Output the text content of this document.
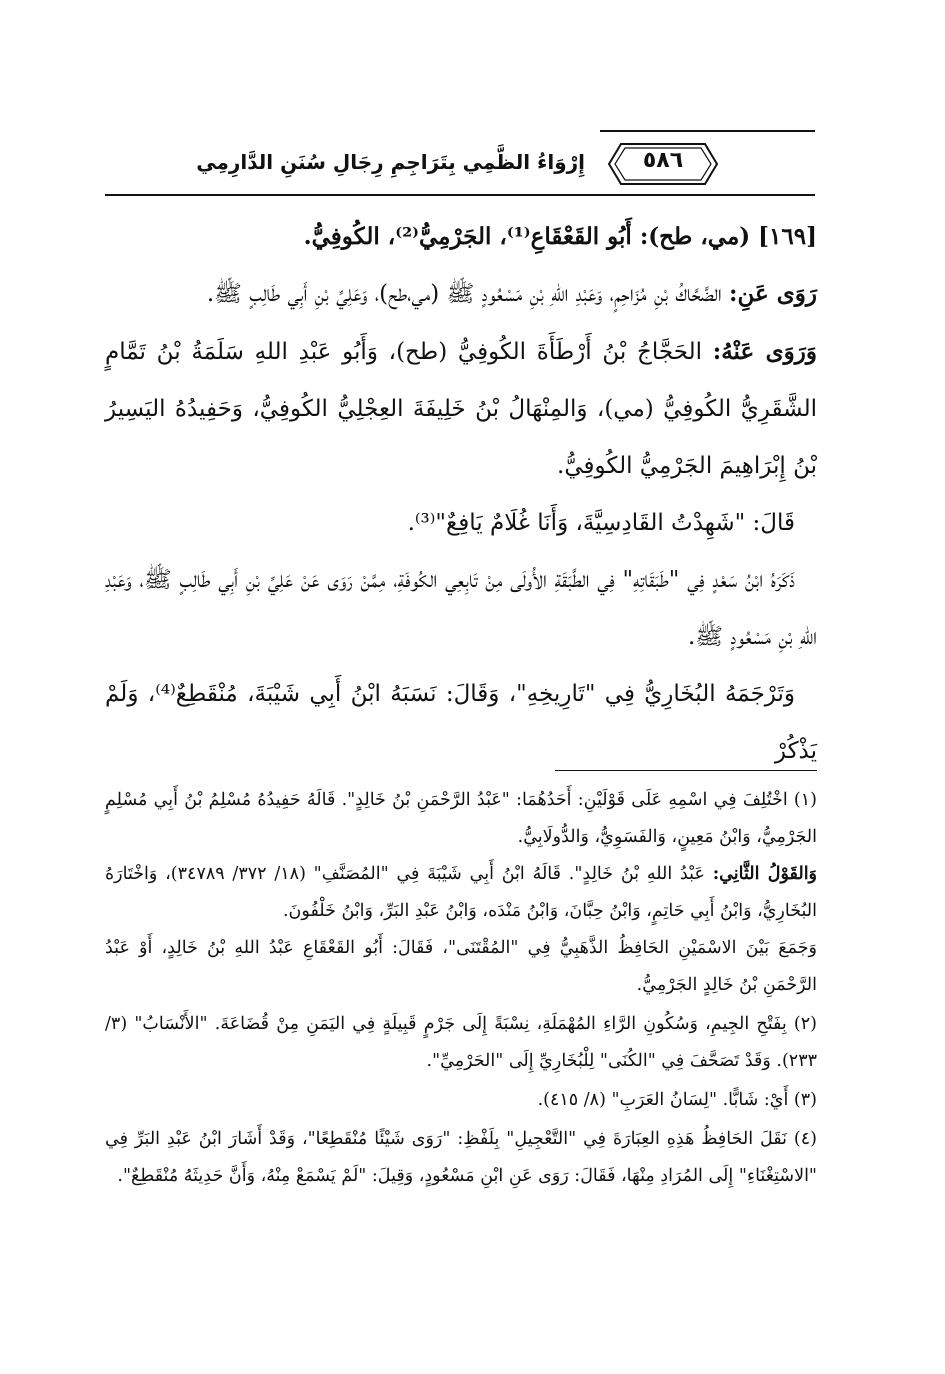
إِرْوَاءُ الظَّمِي بِتَرَاجِمِ رِجَالِ سُنَنِ الدَّارِمِي	٥٨٦

[١٦٩] (مي، طح): أَبُو القَعْقَاعِ⁽¹⁾، الجَرْمِيُّ⁽²⁾، الكُوفِيُّ.

رَوَى عَنِ: الضَّحَّاكُ بْنِ مُزَاحِمٍ، وَعَبْدِ اللهِ بْنِ مَسْعُودٍ ﷺ (مي،طح)، وَعَلِيِّ بْنِ أَبِي طَالِبٍ ﷺ.

وَرَوَى عَنْهُ: الحَجَّاجُ بْنُ أَرْطَأَةَ الكُوفِيُّ (طح)، وَأَبُو عَبْدِ اللهِ سَلَمَةُ بْنُ تَمَّامٍ الشَّقَرِيُّ الكُوفِيُّ (مي)، وَالمِنْهَالُ بْنُ خَلِيفَةَ العِجْلِيُّ الكُوفِيُّ، وَحَفِيدُهُ اليَسِيرُ بْنُ إِبْرَاهِيمَ الجَرْمِيُّ الكُوفِيُّ.

قَالَ: "شَهِدْتُ القَادِسِيَّةَ، وَأَنَا غُلَامٌ يَافِعٌ"⁽³⁾.

ذَكَرَهُ ابْنُ سَعْدٍ فِي "طَبَقَاتِهِ" فِي الطَّبَقَةِ الأُولَى مِنْ تَابِعِي الكُوفَةِ، مِمَّنْ رَوَى عَنْ عَلِيِّ بْنِ أَبِي طَالِبٍ ﷺ، وَعَبْدِ اللهِ بْنِ مَسْعُودٍ ﷺ.

وَتَرْجَمَهُ البُخَارِيُّ فِي "تَارِيخِهِ"، وَقَالَ: نَسَبَهُ ابْنُ أَبِي شَيْبَةَ، مُنْقَطِعٌ⁽⁴⁾، وَلَمْ يَذْكُرْ

(١) اخْتُلِفَ فِي اسْمِهِ عَلَى قَوْلَيْنِ: أَحَدُهُمَا: "عَبْدُ الرَّحْمَنِ بْنُ خَالِدٍ". قَالَهُ حَفِيدُهُ مُسْلِمُ بْنُ أَبِي مُسْلِمٍ الجَرْمِيُّ، وَابْنُ مَعِينٍ، وَالفَسَوِيُّ، وَالدُّولَابِيُّ.

وَالقَوْلُ الثَّانِي: عَبْدُ اللهِ بْنُ خَالِدٍ". قَالَهُ ابْنُ أَبِي شَيْبَةَ فِي "المُصَنَّفِ" (١٨/ ٣٧٢/ ٣٤٧٨٩)، وَاخْتَارَهُ البُخَارِيُّ، وَابْنُ أَبِي حَاتِمٍ، وَابْنُ حِبَّانَ، وَابْنُ مَنْدَه، وَابْنُ عَبْدِ البَرِّ، وَابْنُ خَلْفُونَ.

وَجَمَعَ بَيْنَ الاسْمَيْنِ الحَافِظُ الذَّهَبِيُّ فِي "المُقْتَنَى"، فَقَالَ: أَبُو القَعْقَاعِ عَبْدُ اللهِ بْنُ خَالِدٍ، أَوْ عَبْدُ الرَّحْمَنِ بْنُ خَالِدٍ الجَرْمِيُّ.

(٢) بِفَتْحِ الجِيمِ، وَسُكُونِ الرَّاءِ المُهْمَلَةِ، نِسْبَةً إِلَى جَرْمٍ قَبِيلَةٍ فِي اليَمَنِ مِنْ قُضَاعَةَ. "الأَنْسَابُ" (٣/ ٢٣٣). وَقَدْ تَصَحَّفَ فِي "الكُنَى" لِلْبُخَارِيِّ إِلَى "الحَرْمِيِّ".

(٣) أَيْ: شَابًّا. "لِسَانُ العَرَبِ" (٨/ ٤١٥).

(٤) نَقَلَ الحَافِظُ هَذِهِ العِبَارَةَ فِي "التَّعْجِيلِ" بِلَفْظِ: "رَوَى شَيْئًا مُنْقَطِعًا"، وَقَدْ أَشَارَ ابْنُ عَبْدِ البَرِّ فِي "الاسْتِغْنَاءِ" إِلَى المُرَادِ مِنْهَا، فَقَالَ: رَوَى عَنِ ابْنِ مَسْعُودٍ، وَقِيلَ: "لَمْ يَسْمَعْ مِنْهُ، وَأَنَّ حَدِيثَهُ مُنْقَطِعٌ".
